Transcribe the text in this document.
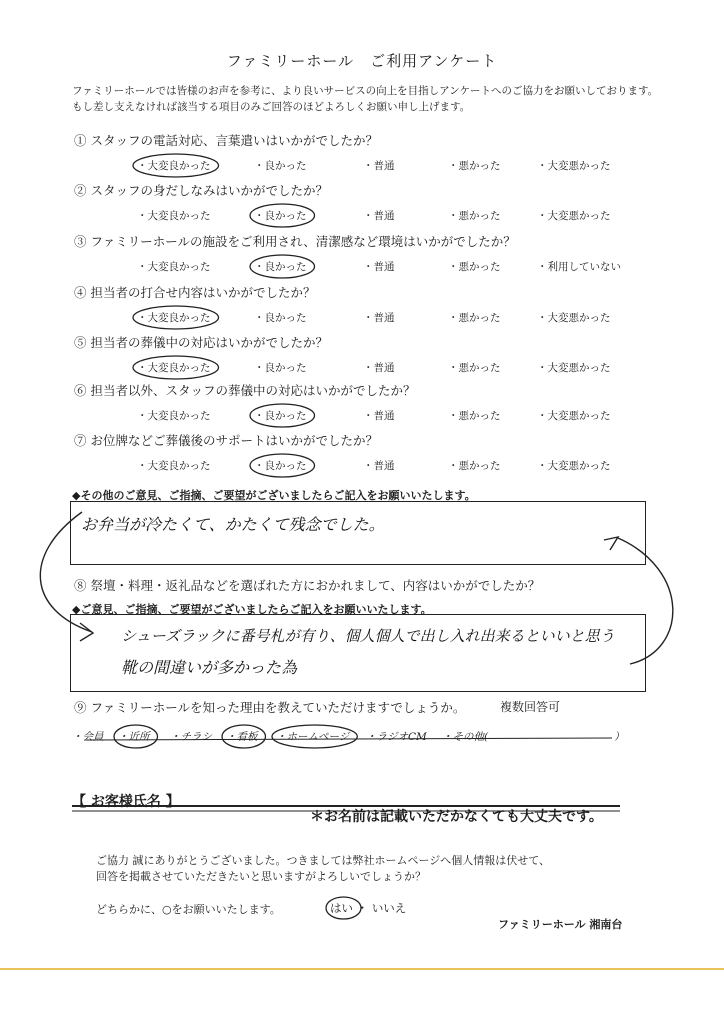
ファミリーホール　ご利用アンケート
ファミリーホールでは皆様のお声を参考に、より良いサービスの向上を目指しアンケートへのご協力をお願いしております。
もし差し支えなければ該当する項目のみご回答のほどよろしくお願い申し上げます。
① スタッフの電話対応、言葉遣いはいかがでしたか？
・大変良かった	・良かった	・普通	・悪かった	・大変悪かった
② スタッフの身だしなみはいかがでしたか？
・大変良かった	・良かった	・普通	・悪かった	・大変悪かった
③ ファミリーホールの施設をご利用され、清潔感など環境はいかがでしたか？
・大変良かった	・良かった	・普通	・悪かった	・利用していない
④ 担当者の打合せ内容はいかがでしたか？
・大変良かった	・良かった	・普通	・悪かった	・大変悪かった
⑤ 担当者の葬儀中の対応はいかがでしたか？
・大変良かった	・良かった	・普通	・悪かった	・大変悪かった
⑥ 担当者以外、スタッフの葬儀中の対応はいかがでしたか？
・大変良かった	・良かった	・普通	・悪かった	・大変悪かった
⑦ お位牌などご葬儀後のサポートはいかがでしたか？
・大変良かった	・良かった	・普通	・悪かった	・大変悪かった
◆その他のご意見、ご指摘、ご要望がございましたらご記入をお願いいたします。
お弁当が冷たくて、かたくて残念でした。
⑧ 祭壇・料理・返礼品などを選ばれた方におかれまして、内容はいかがでしたか？
◆ご意見、ご指摘、ご要望がございましたらご記入をお願いいたします。
シューズラックに番号札が有り、個人個人で出し入れ出来るといいと思う
靴の間違いが多かった為
⑨ ファミリーホールを知った理由を教えていただけますでしょうか。	複数回答可
・会員 ・近所 ・チラシ ・看板 ・ホームページ ・ラジオCM ・その他(	）
【 お客様氏名 】
＊お名前は記載いただかなくても大丈夫です。
ご協力 誠にありがとうございました。つきましては弊社ホームページへ個人情報は伏せて、
回答を掲載させていただきたいと思いますがよろしいでしょうか？
どちらかに、○をお願いいたします。	はい ・ いいえ
ファミリーホール 湘南台
